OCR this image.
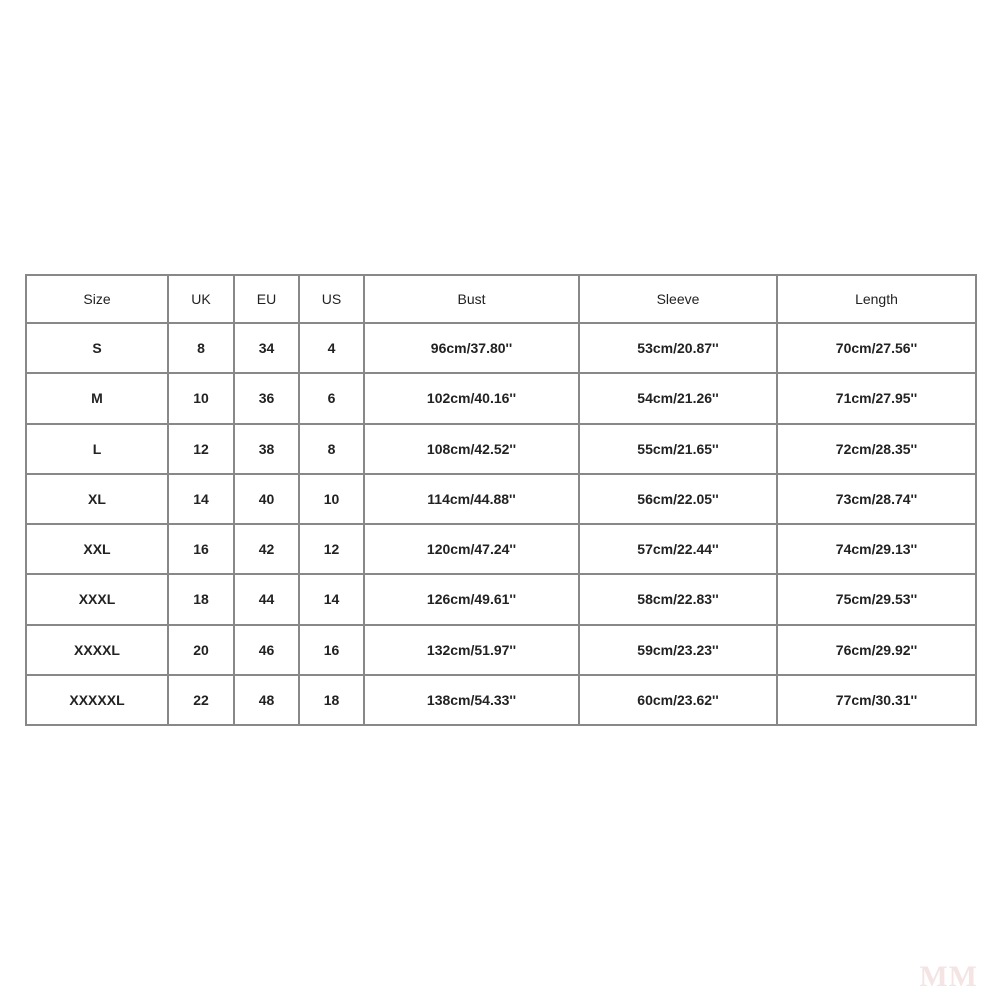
Size	UK	EU	US	Bust	Sleeve	Length
S	8	34	4	96cm/37.80''	53cm/20.87''	70cm/27.56''
M	10	36	6	102cm/40.16''	54cm/21.26''	71cm/27.95''
L	12	38	8	108cm/42.52''	55cm/21.65''	72cm/28.35''
XL	14	40	10	114cm/44.88''	56cm/22.05''	73cm/28.74''
XXL	16	42	12	120cm/47.24''	57cm/22.44''	74cm/29.13''
XXXL	18	44	14	126cm/49.61''	58cm/22.83''	75cm/29.53''
XXXXL	20	46	16	132cm/51.97''	59cm/23.23''	76cm/29.92''
XXXXXL	22	48	18	138cm/54.33''	60cm/23.62''	77cm/30.31''
MM
